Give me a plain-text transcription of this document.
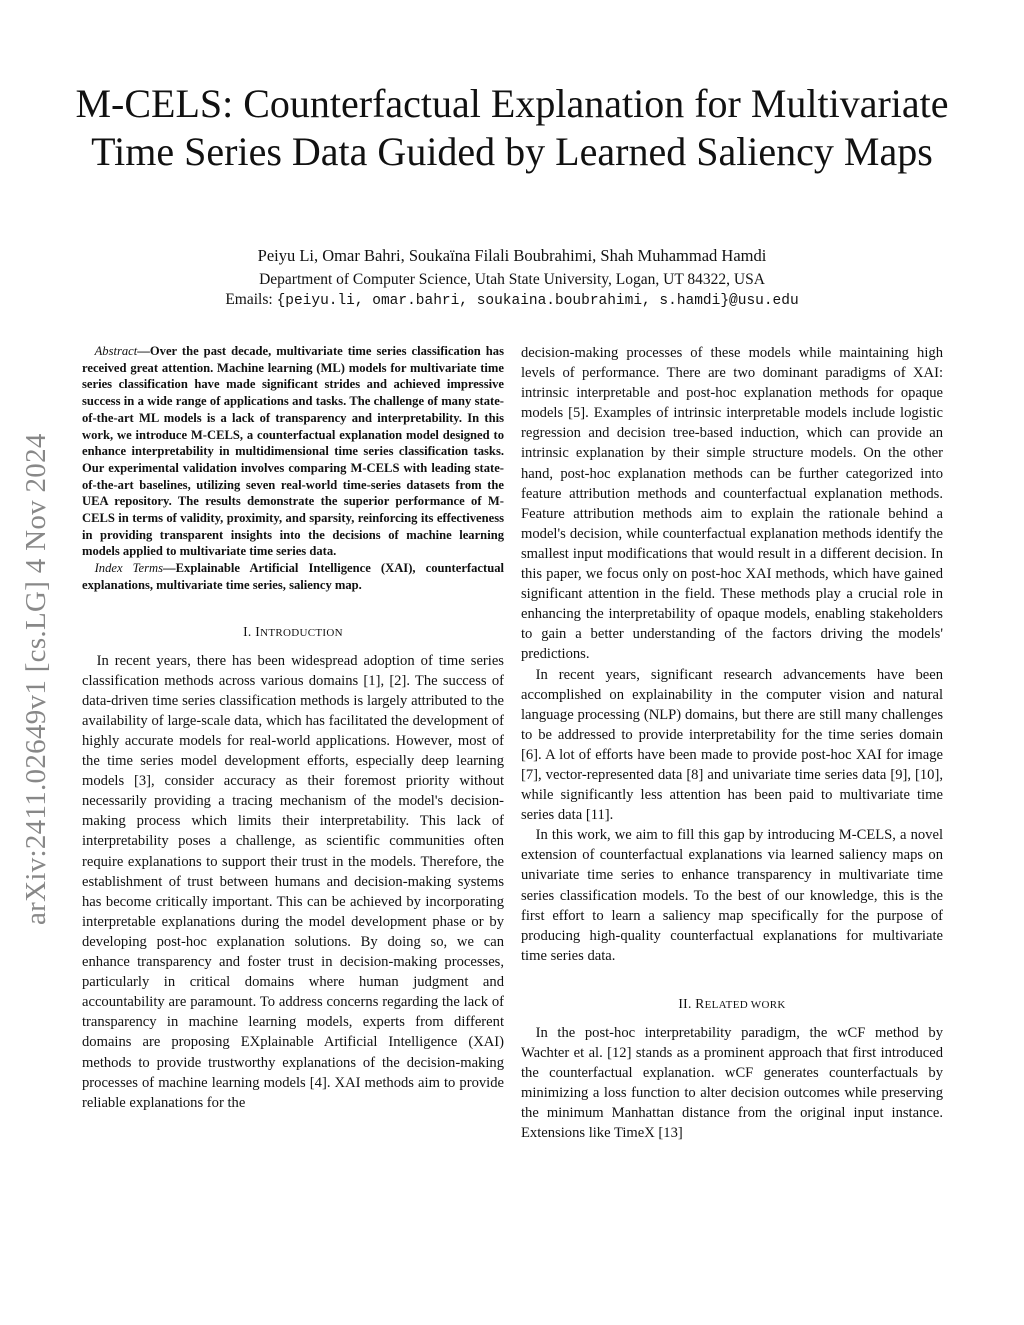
M-CELS: Counterfactual Explanation for Multivariate Time Series Data Guided by Learned Saliency Maps
Peiyu Li, Omar Bahri, Soukaïna Filali Boubrahimi, Shah Muhammad Hamdi
Department of Computer Science, Utah State University, Logan, UT 84322, USA
Emails: {peiyu.li, omar.bahri, soukaina.boubrahimi, s.hamdi}@usu.edu
arXiv:2411.02649v1 [cs.LG] 4 Nov 2024

Abstract—Over the past decade, multivariate time series classification has received great attention. Machine learning (ML) models for multivariate time series classification have made significant strides and achieved impressive success in a wide range of applications and tasks. The challenge of many state-of-the-art ML models is a lack of transparency and interpretability. In this work, we introduce M-CELS, a counterfactual explanation model designed to enhance interpretability in multidimensional time series classification tasks. Our experimental validation involves comparing M-CELS with leading state-of-the-art baselines, utilizing seven real-world time-series datasets from the UEA repository. The results demonstrate the superior performance of M-CELS in terms of validity, proximity, and sparsity, reinforcing its effectiveness in providing transparent insights into the decisions of machine learning models applied to multivariate time series data.

Index Terms—Explainable Artificial Intelligence (XAI), counterfactual explanations, multivariate time series, saliency map.

I. INTRODUCTION

In recent years, there has been widespread adoption of time series classification methods across various domains [1], [2]. The success of data-driven time series classification methods is largely attributed to the availability of large-scale data, which has facilitated the development of highly accurate models for real-world applications. However, most of the time series model development efforts, especially deep learning models [3], consider accuracy as their foremost priority without necessarily providing a tracing mechanism of the model's decision-making process which limits their interpretability. This lack of interpretability poses a challenge, as scientific communities often require explanations to support their trust in the models. Therefore, the establishment of trust between humans and decision-making systems has become critically important. This can be achieved by incorporating interpretable explanations during the model development phase or by developing post-hoc explanation solutions. By doing so, we can enhance transparency and foster trust in decision-making processes, particularly in critical domains where human judgment and accountability are paramount. To address concerns regarding the lack of transparency in machine learning models, experts from different domains are proposing EXplainable Artificial Intelligence (XAI) methods to provide trustworthy explanations of the decision-making processes of machine learning models [4]. XAI methods aim to provide reliable explanations for the

decision-making processes of these models while maintaining high levels of performance. There are two dominant paradigms of XAI: intrinsic interpretable and post-hoc explanation methods for opaque models [5]. Examples of intrinsic interpretable models include logistic regression and decision tree-based induction, which can provide an intrinsic explanation by their simple structure models. On the other hand, post-hoc explanation methods can be further categorized into feature attribution methods and counterfactual explanation methods. Feature attribution methods aim to explain the rationale behind a model's decision, while counterfactual explanation methods identify the smallest input modifications that would result in a different decision. In this paper, we focus only on post-hoc XAI methods, which have gained significant attention in the field. These methods play a crucial role in enhancing the interpretability of opaque models, enabling stakeholders to gain a better understanding of the factors driving the models' predictions.

In recent years, significant research advancements have been accomplished on explainability in the computer vision and natural language processing (NLP) domains, but there are still many challenges to be addressed to provide interpretability for the time series domain [6]. A lot of efforts have been made to provide post-hoc XAI for image [7], vector-represented data [8] and univariate time series data [9], [10], while significantly less attention has been paid to multivariate time series data [11].

In this work, we aim to fill this gap by introducing M-CELS, a novel extension of counterfactual explanations via learned saliency maps on univariate time series to enhance transparency in multivariate time series classification models. To the best of our knowledge, this is the first effort to learn a saliency map specifically for the purpose of producing high-quality counterfactual explanations for multivariate time series data.

II. RELATED WORK

In the post-hoc interpretability paradigm, the wCF method by Wachter et al. [12] stands as a prominent approach that first introduced the counterfactual explanation. wCF generates counterfactuals by minimizing a loss function to alter decision outcomes while preserving the minimum Manhattan distance from the original input instance. Extensions like TimeX [13]
